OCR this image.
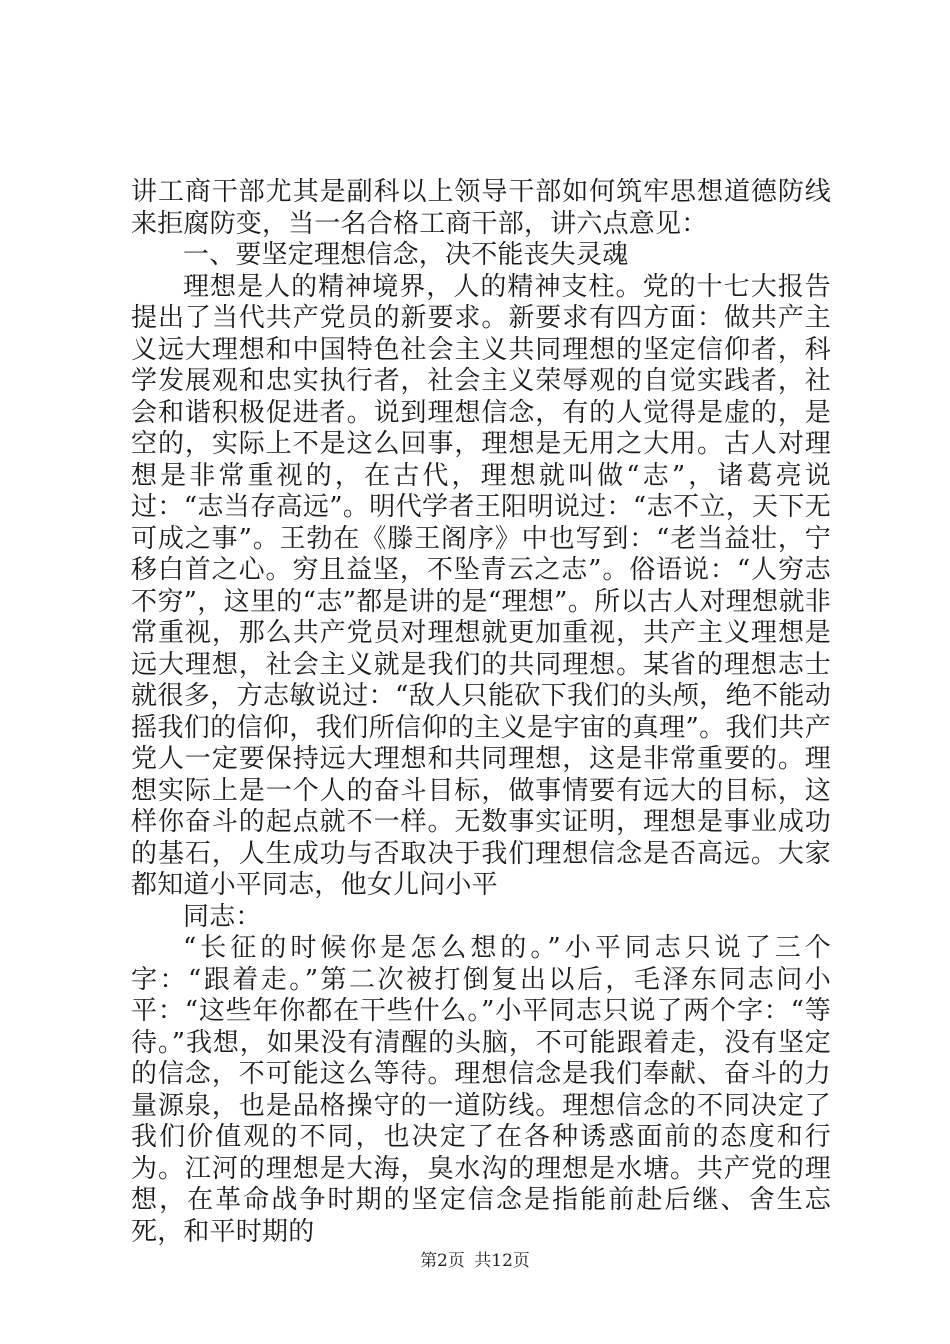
讲工商干部尤其是副科以上领导干部如何筑牢思想道德防线来拒腐防变，当一名合格工商干部，讲六点意见：

一、要坚定理想信念，决不能丧失灵魂

理想是人的精神境界，人的精神支柱。党的十七大报告提出了当代共产党员的新要求。新要求有四方面：做共产主义远大理想和中国特色社会主义共同理想的坚定信仰者，科学发展观和忠实执行者，社会主义荣辱观的自觉实践者，社会和谐积极促进者。说到理想信念，有的人觉得是虚的，是空的，实际上不是这么回事，理想是无用之大用。古人对理想是非常重视的，在古代，理想就叫做“志”，诸葛亮说过：“志当存高远”。明代学者王阳明说过：“志不立，天下无可成之事”。王勃在《滕王阁序》中也写到：“老当益壮，宁移白首之心。穷且益坚，不坠青云之志”。俗语说：“人穷志不穷”，这里的“志”都是讲的是“理想”。所以古人对理想就非常重视，那么共产党员对理想就更加重视，共产主义理想是远大理想，社会主义就是我们的共同理想。某省的理想志士就很多，方志敏说过：“敌人只能砍下我们的头颅，绝不能动摇我们的信仰，我们所信仰的主义是宇宙的真理”。我们共产党人一定要保持远大理想和共同理想，这是非常重要的。理想实际上是一个人的奋斗目标，做事情要有远大的目标，这样你奋斗的起点就不一样。无数事实证明，理想是事业成功的基石，人生成功与否取决于我们理想信念是否高远。大家都知道小平同志，他女儿问小平

同志：

“长征的时候你是怎么想的。”小平同志只说了三个字：“跟着走。”第二次被打倒复出以后，毛泽东同志问小平：“这些年你都在干些什么。”小平同志只说了两个字：“等待。”我想，如果没有清醒的头脑，不可能跟着走，没有坚定的信念，不可能这么等待。理想信念是我们奉献、奋斗的力量源泉，也是品格操守的一道防线。理想信念的不同决定了我们价值观的不同，也决定了在各种诱惑面前的态度和行为。江河的理想是大海，臭水沟的理想是水塘。共产党的理想，在革命战争时期的坚定信念是指能前赴后继、舍生忘死，和平时期的

第2页 共12页
